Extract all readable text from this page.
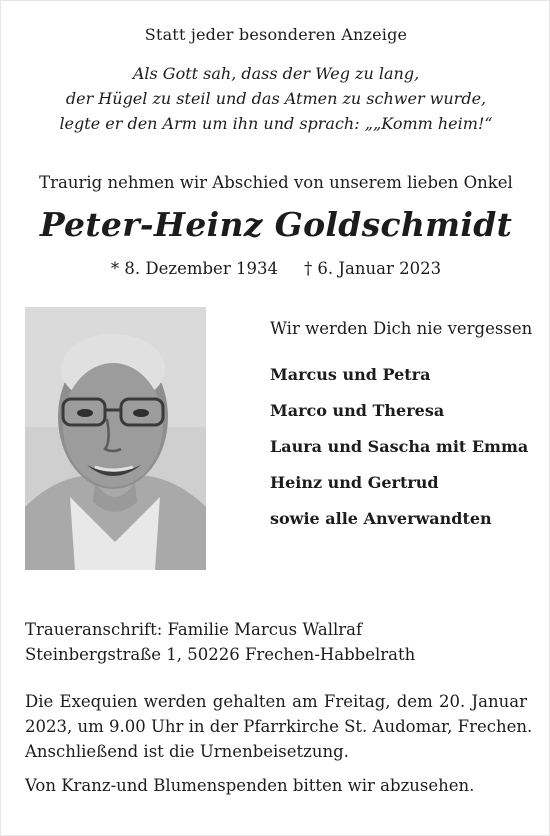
Statt jeder besonderen Anzeige
Als Gott sah, dass der Weg zu lang,
der Hügel zu steil und das Atmen zu schwer wurde,
legte er den Arm um ihn und sprach: „„Komm heim!“
Traurig nehmen wir Abschied von unserem lieben Onkel
Peter-Heinz Goldschmidt
* 8. Dezember 1934 † 6. Januar 2023
Wir werden Dich nie vergessen
Marcus und Petra
Marco und Theresa
Laura und Sascha mit Emma
Heinz und Gertrud
sowie alle Anverwandten
Traueranschrift: Familie Marcus Wallraf
Steinbergstraße 1, 50226 Frechen-Habbelrath
Die Exequien werden gehalten am Freitag, dem 20. Januar
2023, um 9.00 Uhr in der Pfarrkirche St. Audomar, Frechen.
Anschließend ist die Urnenbeisetzung.
Von Kranz-und Blumenspenden bitten wir abzusehen.
